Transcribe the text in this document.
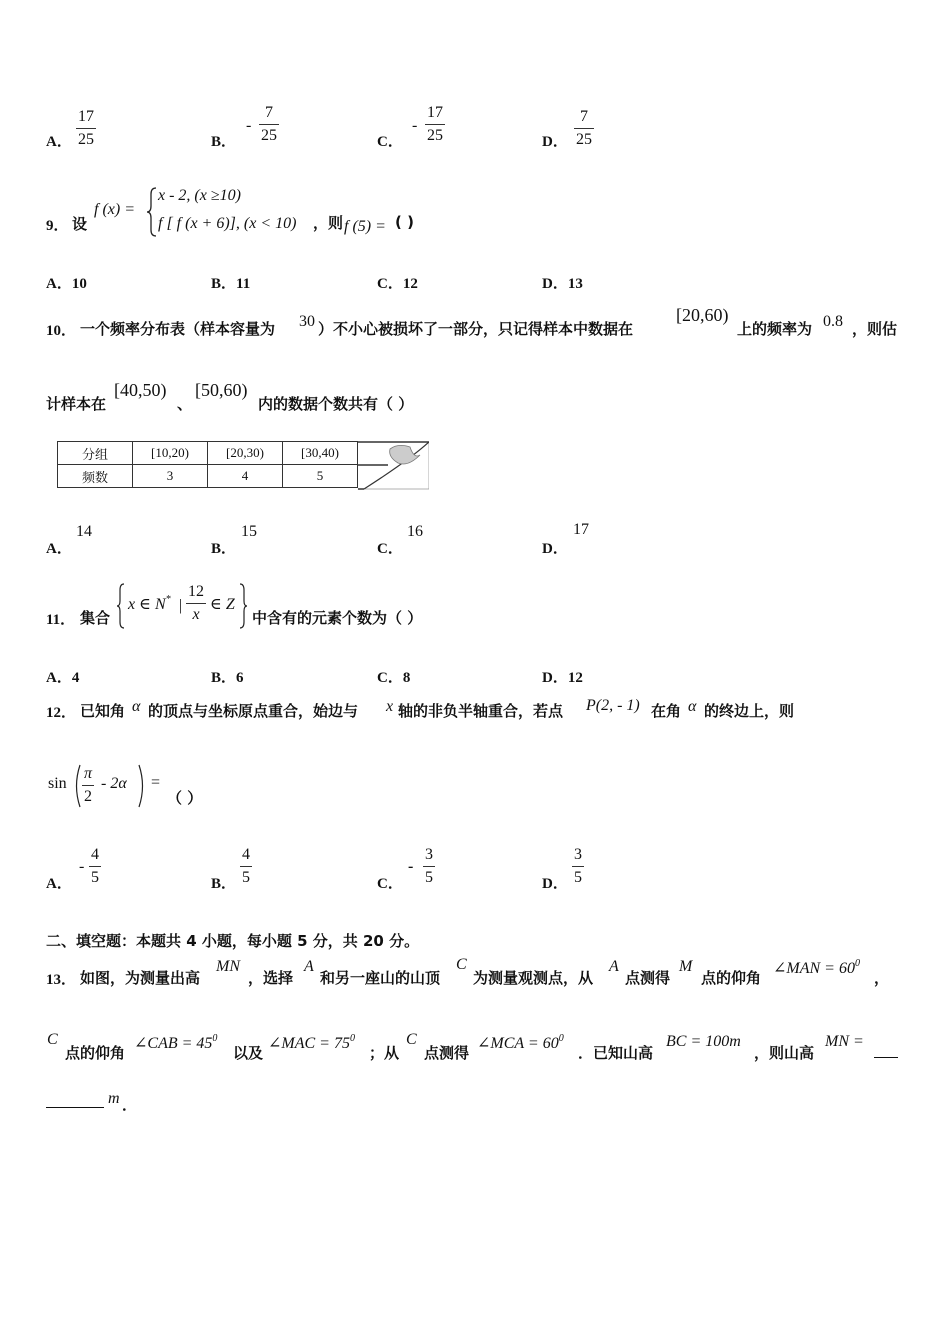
A．
17
25	B．
-
7
25	C．
-
17
25	D．
7
25
9． 设
f (x) =
x - 2, (x ≥10)
f [ f (x + 6)], (x < 10) ，则 f (5) = ( )
A．10	B．11	C．12	D．13
10． 一个频率分布表（样本容量为 30 ）不小心被损坏了一部分，只记得样本中数据在
[20,60)
上的频率为 0.8 ，则估
计样本在
[40,50)
、
[50,60)
内的数据个数共有（ ）
分组	[10,20)	[20,30)	[30,40)
频数	3	4	5
A．
14
B．
15
C．
16
D．
17
11． 集合
x ∈ N* |
12
x
∈ Z
中含有的元素个数为（ ）
A．4	B．6	C．8	D．12
12． 已知角 α 的顶点与坐标原点重合，始边与 x 轴的非负半轴重合，若点 P(2, - 1) 在角 α 的终边上，则
sin
π
2
- 2α =
（ ）
A．
-
4
5	B．
4
5	C．
-
3
5	D．
3
5
二、填空题：本题共 4 小题，每小题 5 分，共 20 分。
13． 如图，为测量出高
MN
，选择
A
和另一座山的山顶
C
为测量观测点，从
A
点测得
M
点的仰角
∠MAN = $60^0$
，
C
点的仰角
∠CAB = $45^0$
以及
∠MAC = $75^0$
；从
C
点测得
∠MCA = $60^0$
．已知山高
BC = 100m
，则山高
MN =
m ．
